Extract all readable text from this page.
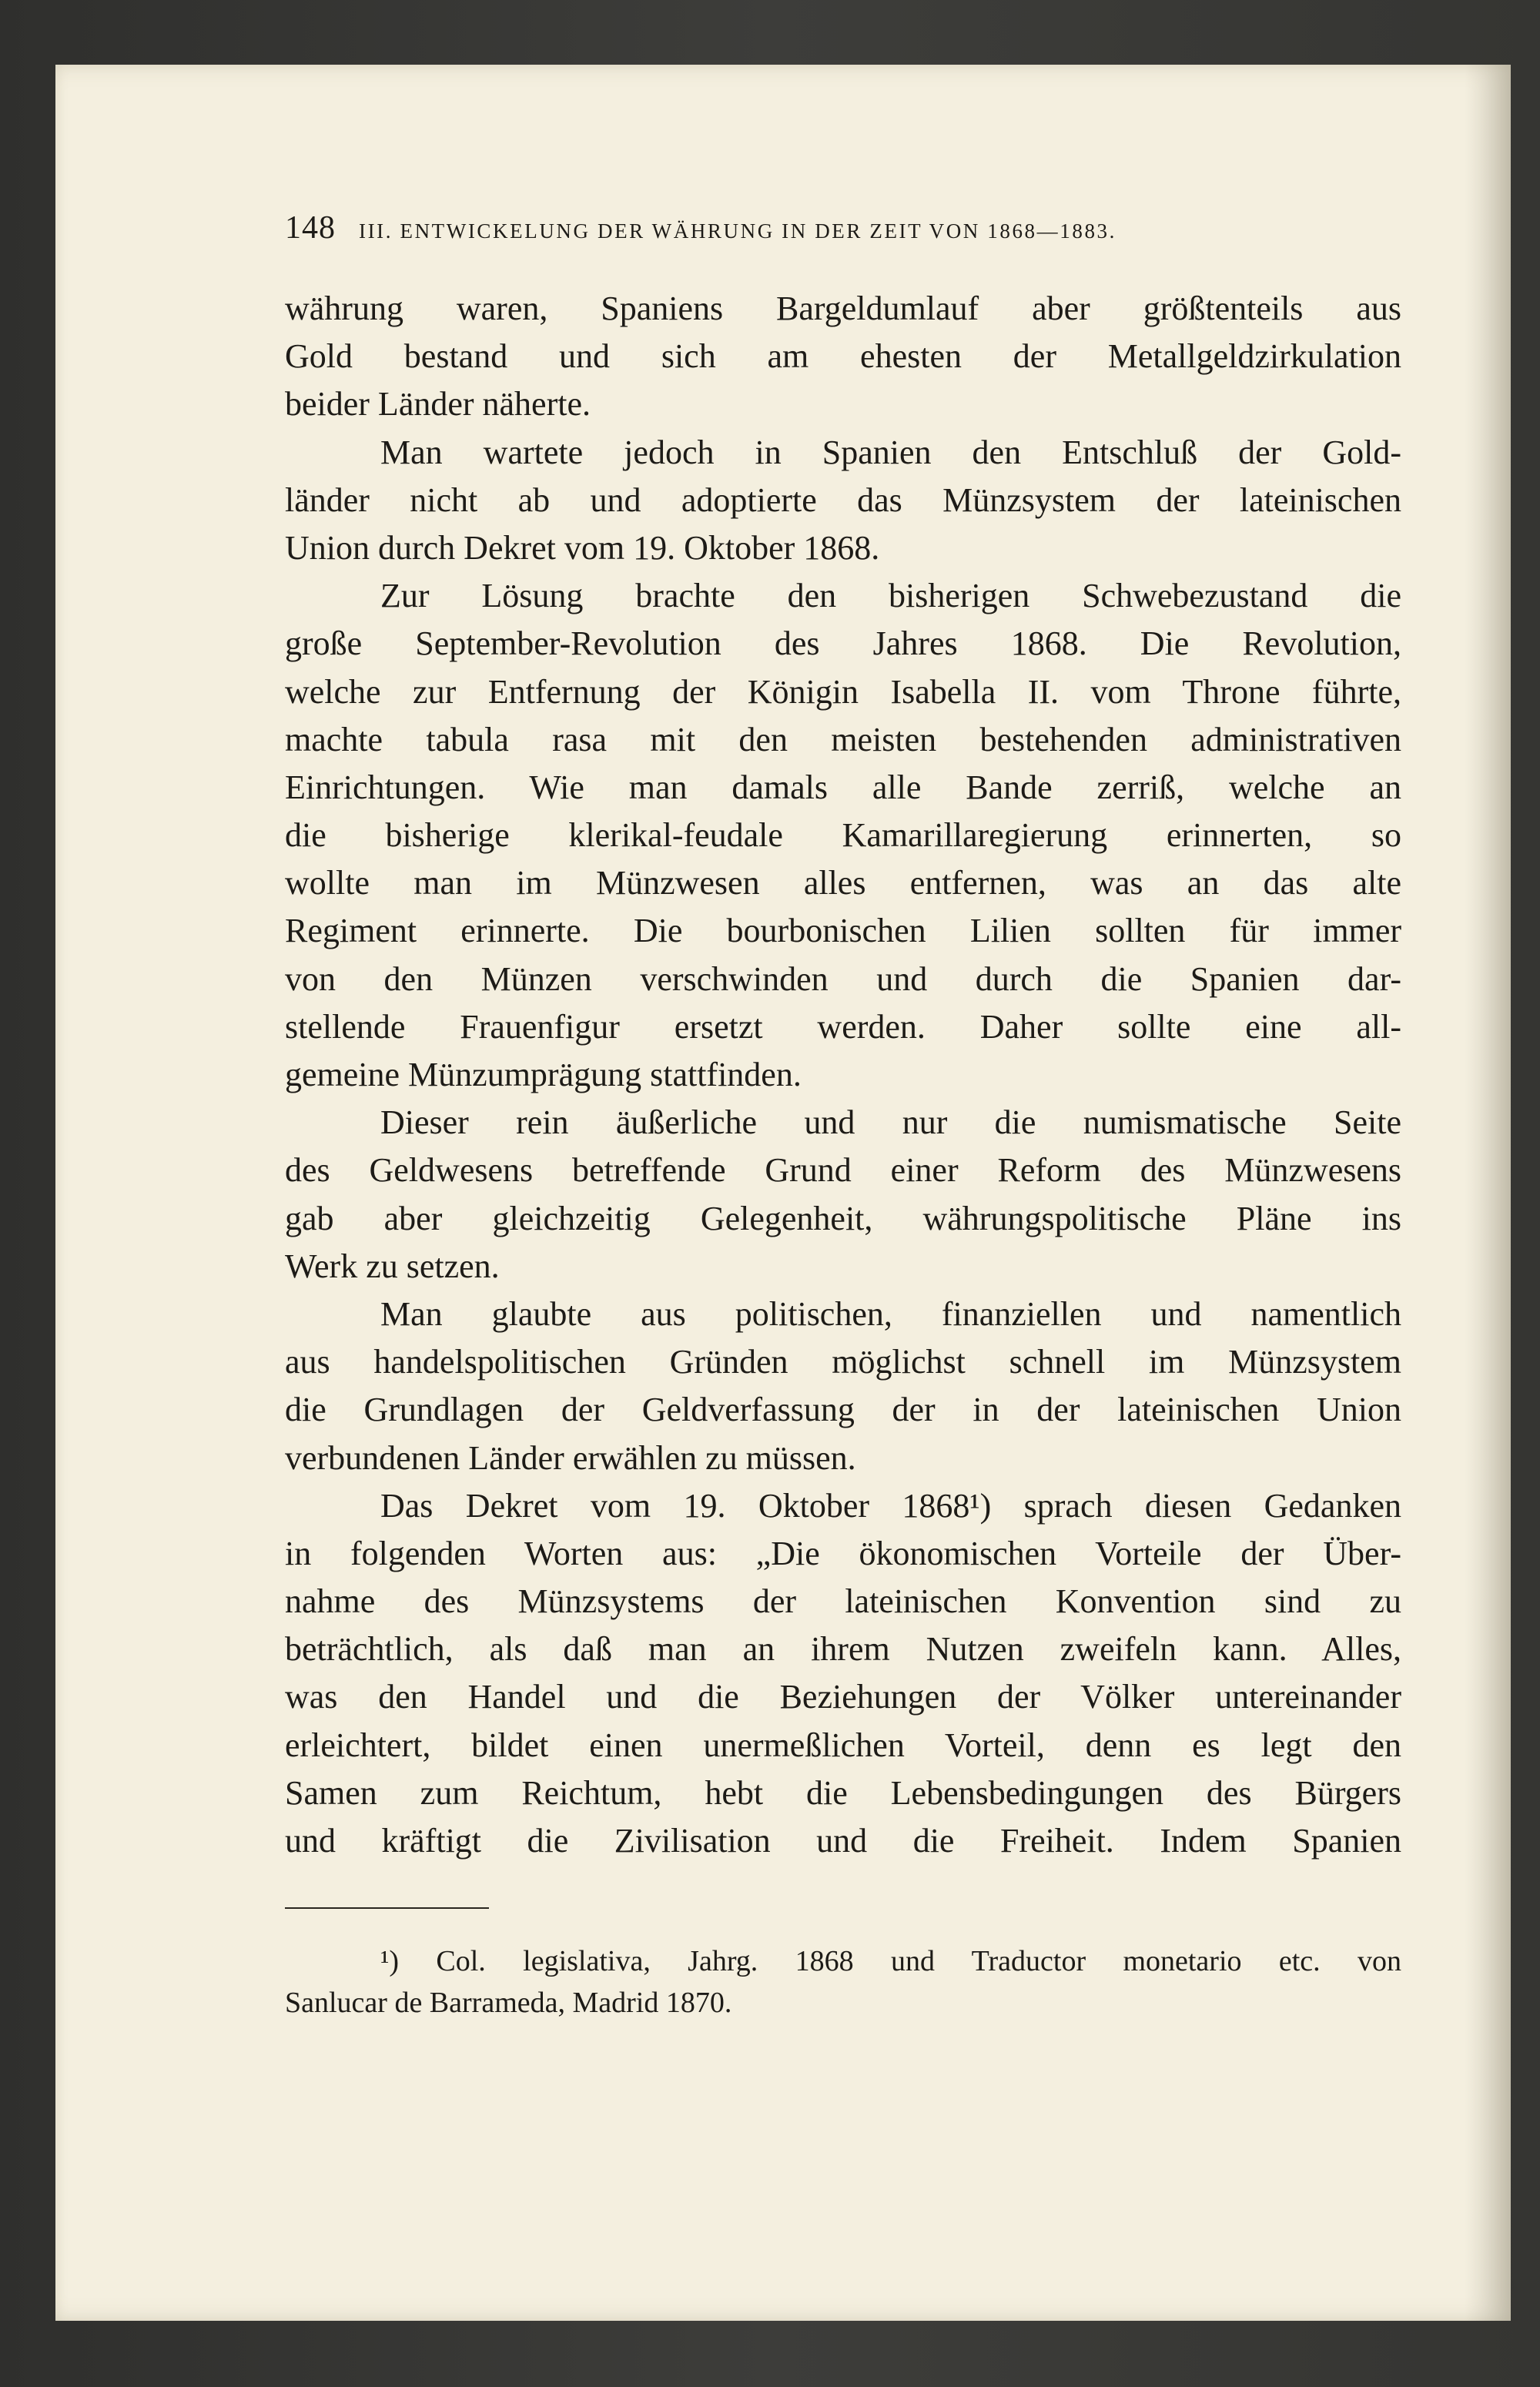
148 III. ENTWICKELUNG DER WÄHRUNG IN DER ZEIT VON 1868—1883.
währung waren, Spaniens Bargeldumlauf aber größtenteils aus
Gold bestand und sich am ehesten der Metallgeldzirkulation
beider Länder näherte.
Man wartete jedoch in Spanien den Entschluß der Gold-
länder nicht ab und adoptierte das Münzsystem der lateinischen
Union durch Dekret vom 19. Oktober 1868.
Zur Lösung brachte den bisherigen Schwebezustand die
große September-Revolution des Jahres 1868. Die Revolution,
welche zur Entfernung der Königin Isabella II. vom Throne führte,
machte tabula rasa mit den meisten bestehenden administrativen
Einrichtungen. Wie man damals alle Bande zerriß, welche an
die bisherige klerikal-feudale Kamarillaregierung erinnerten, so
wollte man im Münzwesen alles entfernen, was an das alte
Regiment erinnerte. Die bourbonischen Lilien sollten für immer
von den Münzen verschwinden und durch die Spanien dar-
stellende Frauenfigur ersetzt werden. Daher sollte eine all-
gemeine Münzumprägung stattfinden.
Dieser rein äußerliche und nur die numismatische Seite
des Geldwesens betreffende Grund einer Reform des Münzwesens
gab aber gleichzeitig Gelegenheit, währungspolitische Pläne ins
Werk zu setzen.
Man glaubte aus politischen, finanziellen und namentlich
aus handelspolitischen Gründen möglichst schnell im Münzsystem
die Grundlagen der Geldverfassung der in der lateinischen Union
verbundenen Länder erwählen zu müssen.
Das Dekret vom 19. Oktober 1868¹) sprach diesen Gedanken
in folgenden Worten aus: „Die ökonomischen Vorteile der Über-
nahme des Münzsystems der lateinischen Konvention sind zu
beträchtlich, als daß man an ihrem Nutzen zweifeln kann. Alles,
was den Handel und die Beziehungen der Völker untereinander
erleichtert, bildet einen unermeßlichen Vorteil, denn es legt den
Samen zum Reichtum, hebt die Lebensbedingungen des Bürgers
und kräftigt die Zivilisation und die Freiheit. Indem Spanien
¹) Col. legislativa, Jahrg. 1868 und Traductor monetario etc. von
Sanlucar de Barrameda, Madrid 1870.
